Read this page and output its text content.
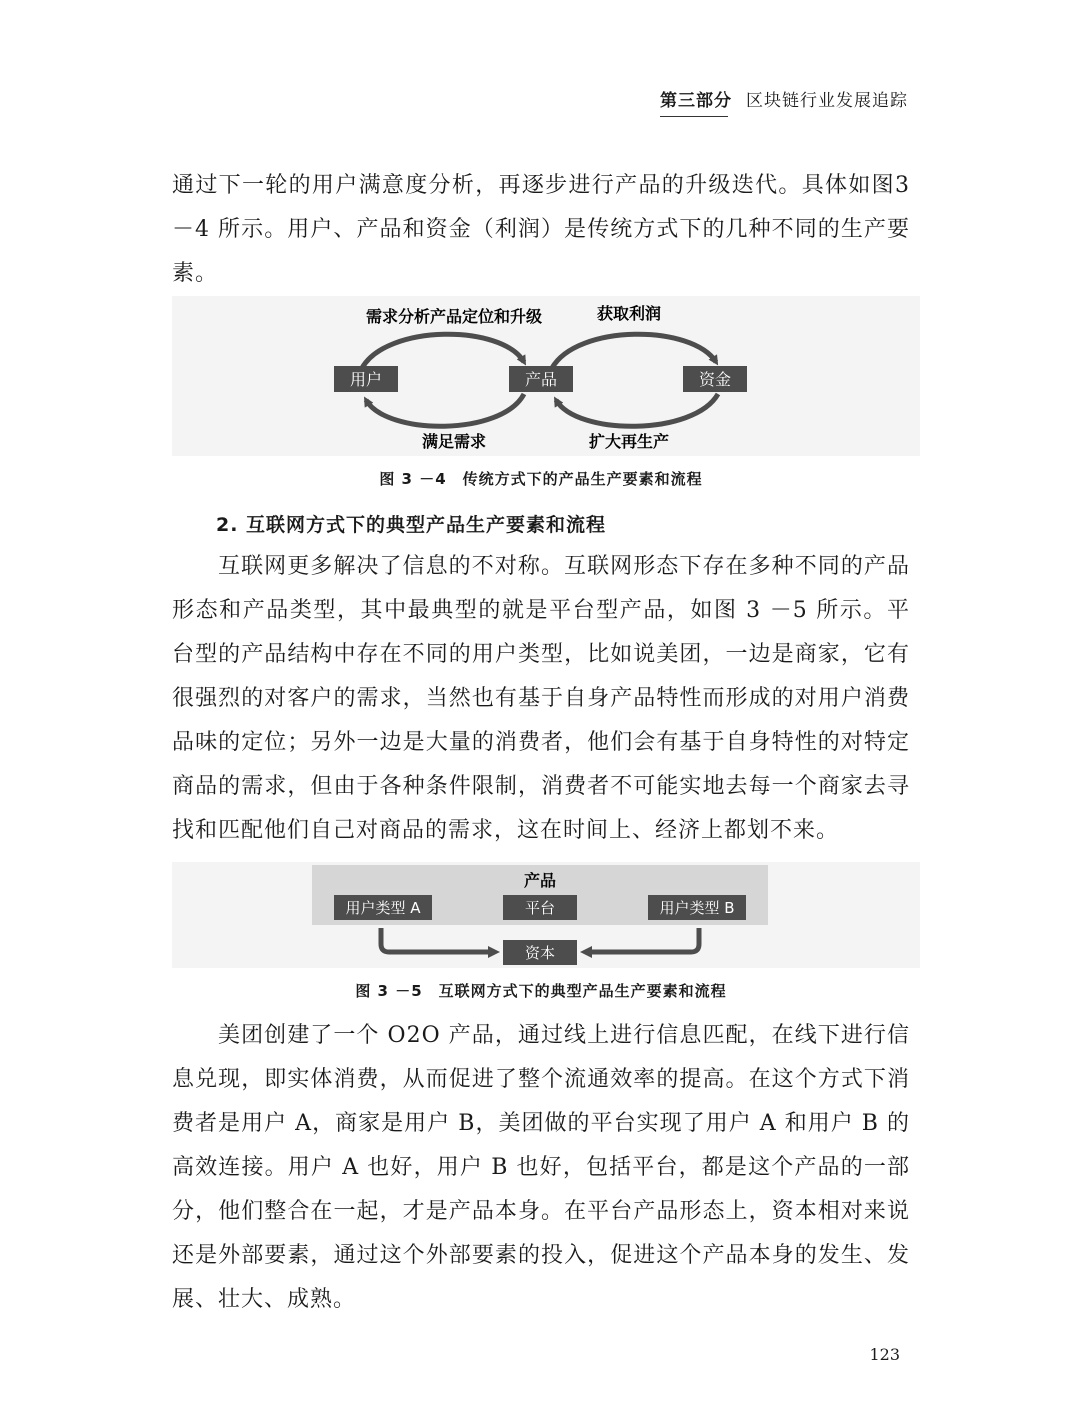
第三部分 区块链行业发展追踪

通过下一轮的用户满意度分析，再逐步进行产品的升级迭代。具体如图3 －4 所示。用户、产品和资金（利润）是传统方式下的几种不同的生产要素。

用户	产品	资金
需求分析产品定位和升级	获取利润
满足需求	扩大再生产
图 3 －4　传统方式下的产品生产要素和流程
2. 互联网方式下的典型产品生产要素和流程

互联网更多解决了信息的不对称。互联网形态下存在多种不同的产品形态和产品类型，其中最典型的就是平台型产品，如图 3 －5 所示。平台型的产品结构中存在不同的用户类型，比如说美团，一边是商家，它有很强烈的对客户的需求，当然也有基于自身产品特性而形成的对用户消费品味的定位；另外一边是大量的消费者，他们会有基于自身特性的对特定商品的需求，但由于各种条件限制，消费者不可能实地去每一个商家去寻找和匹配他们自己对商品的需求，这在时间上、经济上都划不来。

产品
用户类型 A	平台	用户类型 B
资本
图 3 －5　互联网方式下的典型产品生产要素和流程

美团创建了一个 O2O 产品，通过线上进行信息匹配，在线下进行信息兑现，即实体消费，从而促进了整个流通效率的提高。在这个方式下消费者是用户 A，商家是用户 B，美团做的平台实现了用户 A 和用户 B 的高效连接。用户 A 也好，用户 B 也好，包括平台，都是这个产品的一部分，他们整合在一起，才是产品本身。在平台产品形态上，资本相对来说还是外部要素，通过这个外部要素的投入，促进这个产品本身的发生、发展、壮大、成熟。

123
